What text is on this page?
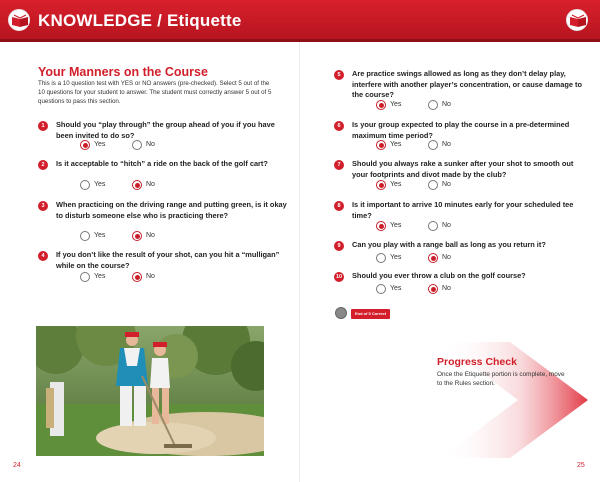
KNOWLEDGE / Etiquette
Your Manners on the Course
This is a 10 question test with YES or NO answers (pre-checked). Select 5 out of the 10 questions for your student to answer. The student must correctly answer 5 out of 5 questions to pass this section.
1	Should you “play through” the group ahead of you if you have been invited to do so?
Yes	No
2	Is it acceptable to “hitch” a ride on the back of the golf cart?
Yes	No
3	When practicing on the driving range and putting green, is it okay to disturb someone else who is practicing there?
Yes	No
4	If you don’t like the result of your shot, can you hit a “mulligan” while on the course?
Yes	No
5	Are practice swings allowed as long as they don’t delay play, interfere with another player’s concentration, or cause damage to the course?
Yes	No
6	Is your group expected to play the course in a pre-determined maximum time period?
Yes	No
7	Should you always rake a sunker after your shot to smooth out your footprints and divot made by the club?
Yes	No
8	Is it important to arrive 10 minutes early for your scheduled tee time?
Yes	No
9	Can you play with a range ball as long as you return it?
Yes	No
10 Should you ever throw a club on the golf course?
Yes	No
End of 5 Correct
Progress Check
Once the Etiquette portion is complete, move to the Rules section.
24	25
